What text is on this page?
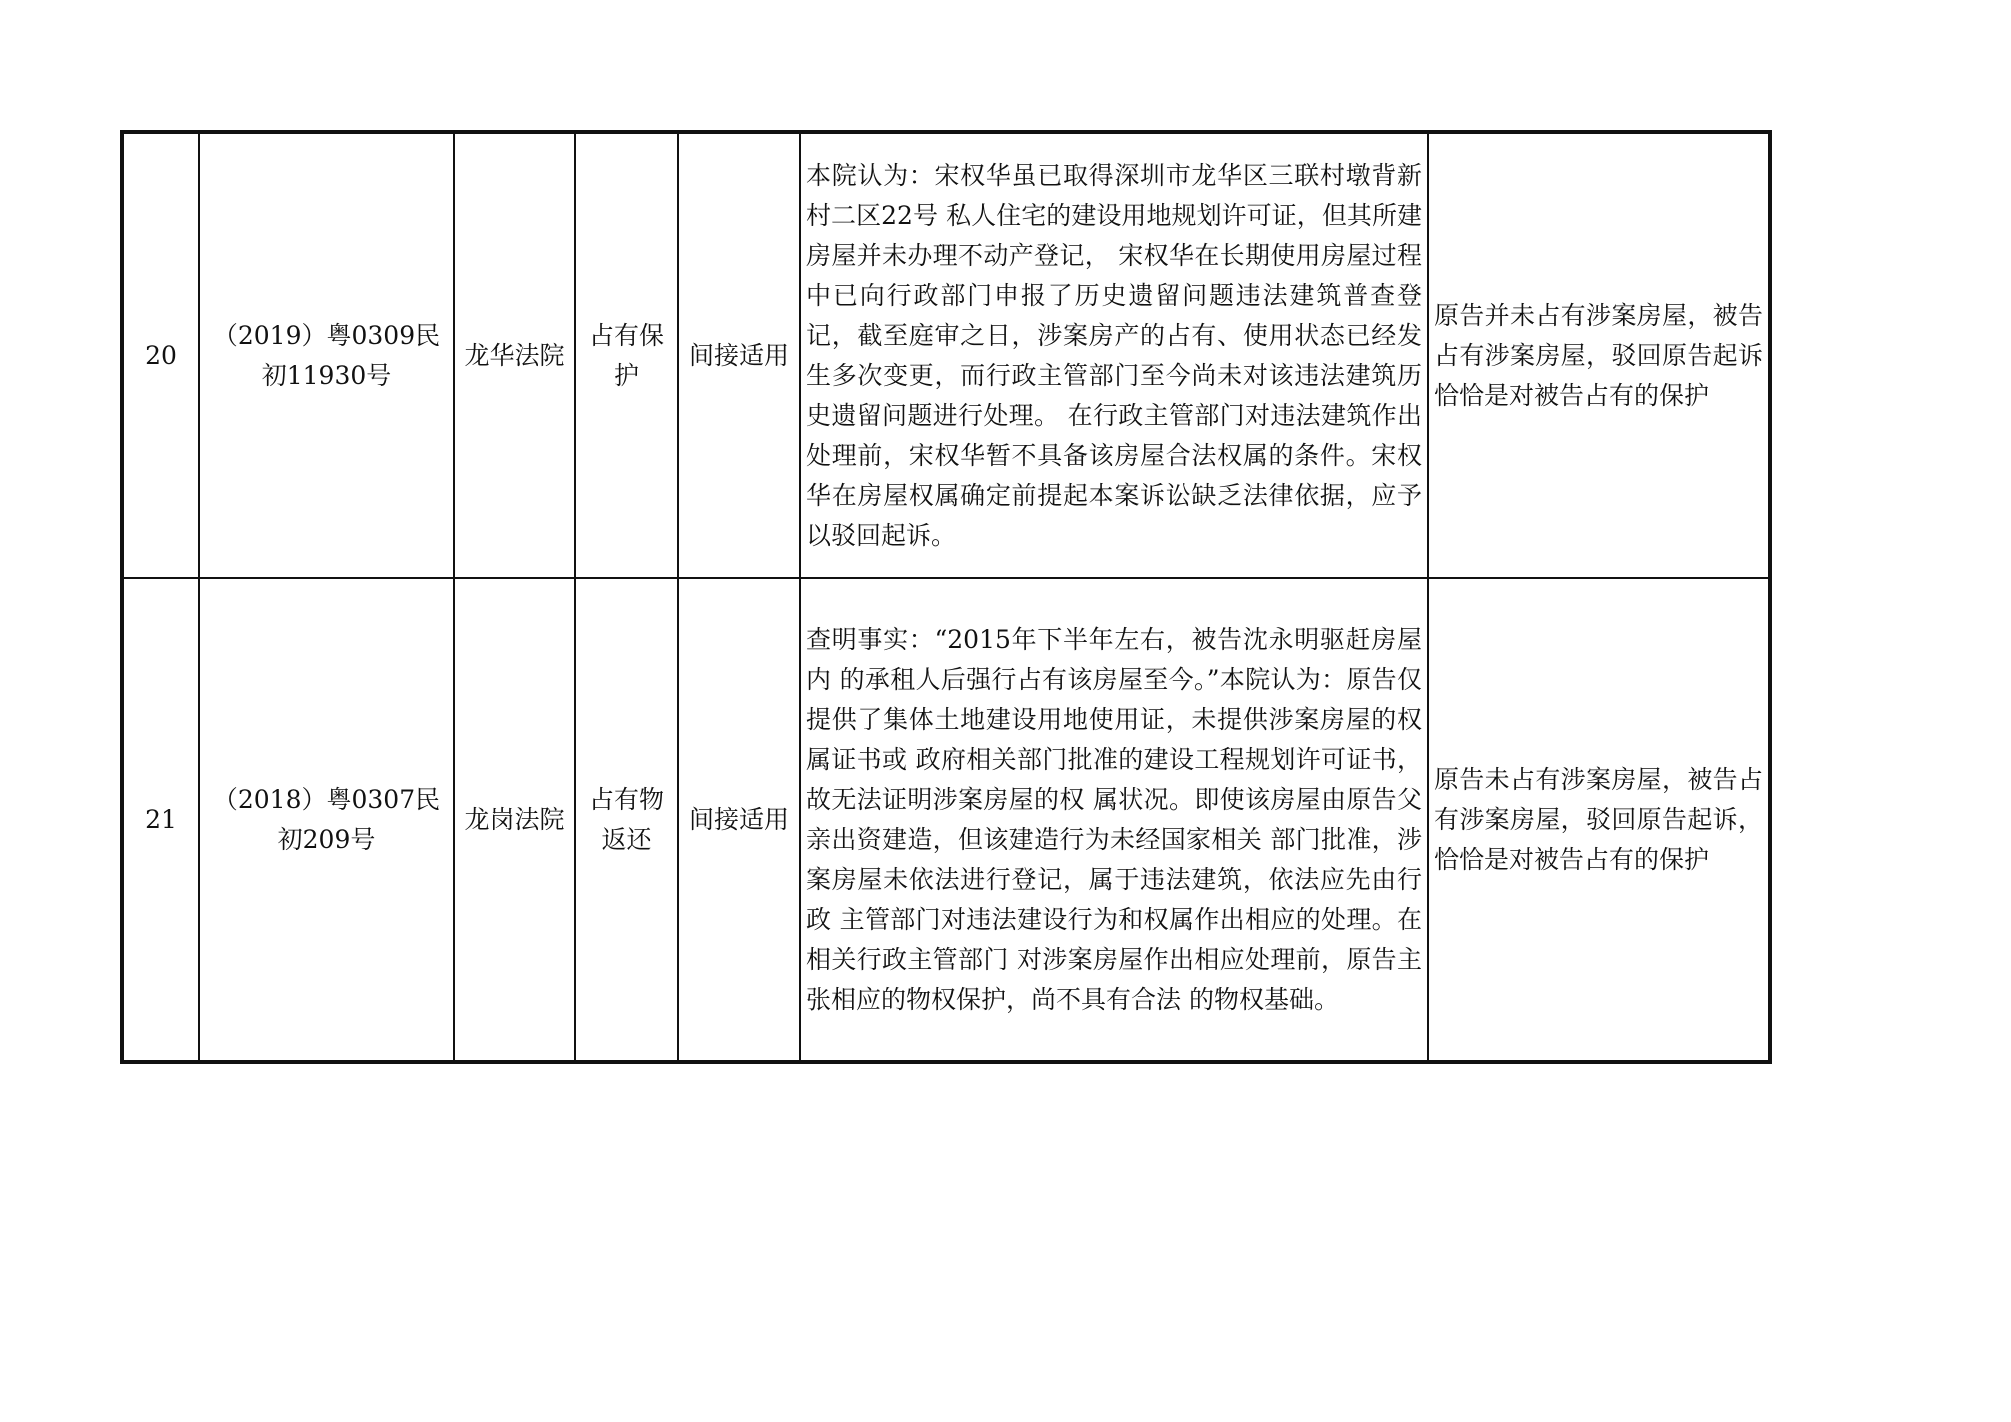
20	（2019）粤0309民初11930号	龙华法院	占有保护	间接适用	本院认为：宋权华虽已取得深圳市龙华区三联村墩背新村二区22号 私人住宅的建设用地规划许可证，但其所建房屋并未办理不动产登记， 宋权华在长期使用房屋过程中已向行政部门申报了历史遗留问题违法建筑普查登记，截至庭审之日，涉案房产的占有、使用状态已经发生多次变更，而行政主管部门至今尚未对该违法建筑历史遗留问题进行处理。 在行政主管部门对违法建筑作出处理前，宋权华暂不具备该房屋合法权属的条件。宋权华在房屋权属确定前提起本案诉讼缺乏法律依据，应予 以驳回起诉。	原告并未占有涉案房屋，被告占有涉案房屋，驳回原告起诉恰恰是对被告占有的保护
21	（2018）粤0307民初209号	龙岗法院	占有物返还	间接适用	查明事实：“2015年下半年左右，被告沈永明驱赶房屋内 的承租人后强行占有该房屋至今。”本院认为：原告仅提供了集体土地建设用地使用证，未提供涉案房屋的权属证书或 政府相关部门批准的建设工程规划许可证书，故无法证明涉案房屋的权 属状况。即使该房屋由原告父亲出资建造，但该建造行为未经国家相关 部门批准，涉案房屋未依法进行登记，属于违法建筑，依法应先由行政 主管部门对违法建设行为和权属作出相应的处理。在相关行政主管部门 对涉案房屋作出相应处理前，原告主张相应的物权保护，尚不具有合法 的物权基础。	原告未占有涉案房屋，被告占有涉案房屋，驳回原告起诉，恰恰是对被告占有的保护
